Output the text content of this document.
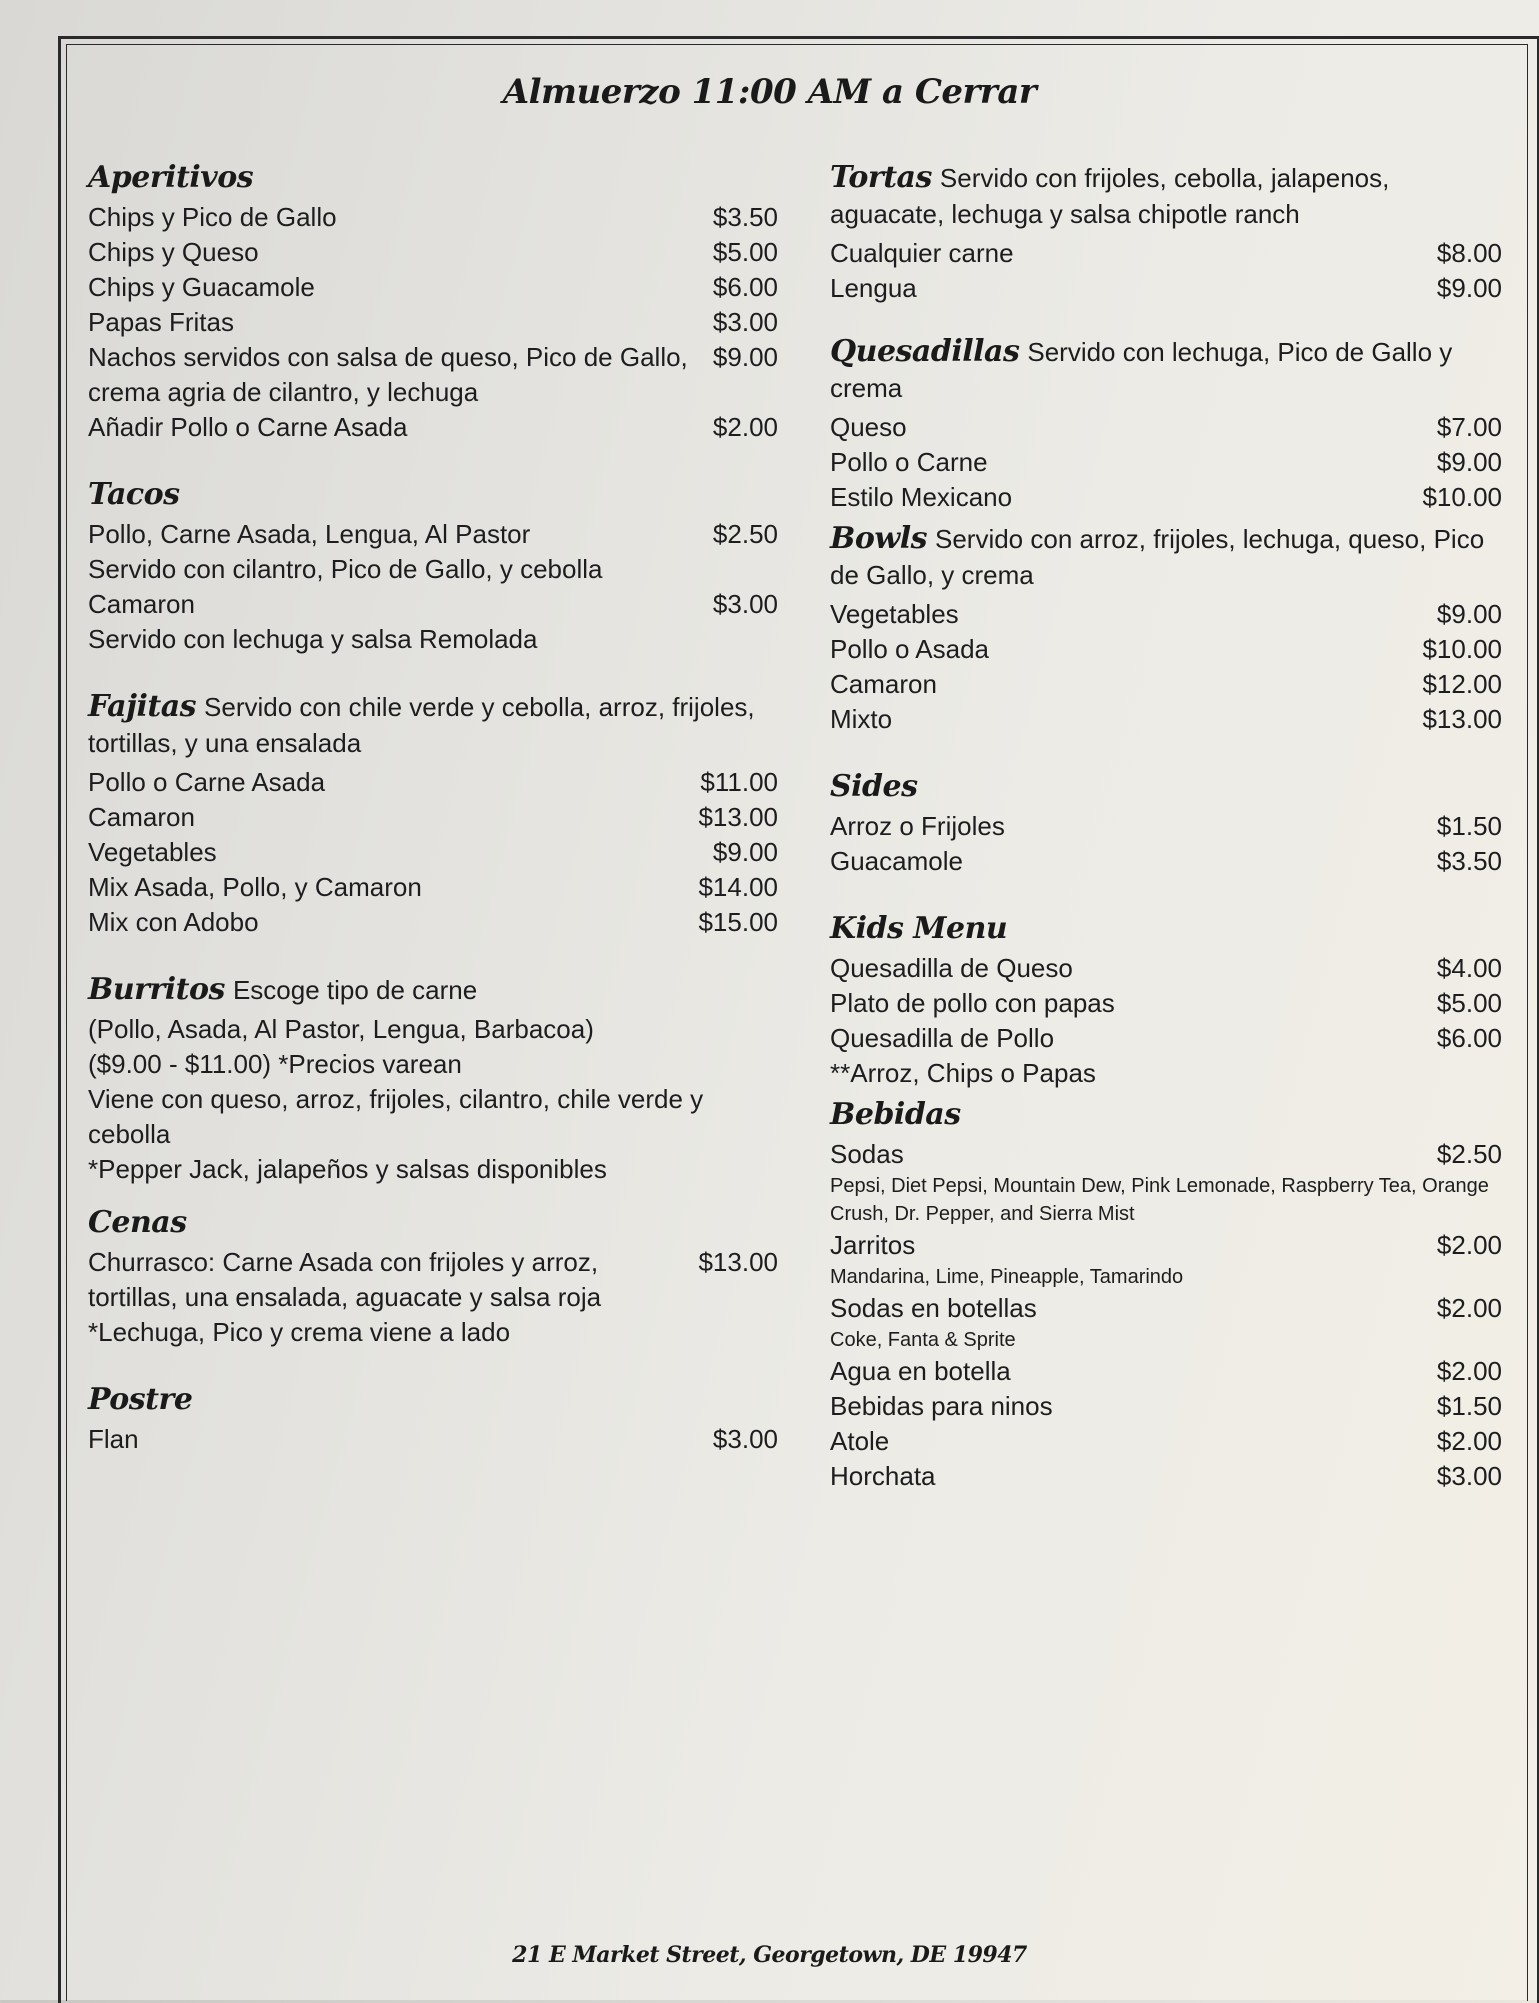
Almuerzo 11:00 AM a Cerrar
Aperitivos
Chips y Pico de Gallo	$3.50
Chips y Queso	$5.00
Chips y Guacamole	$6.00
Papas Fritas	$3.00
Nachos servidos con salsa de queso, Pico de Gallo, $9.00
crema agria de cilantro, y lechuga
Añadir Pollo o Carne Asada	$2.00
Tacos
Pollo, Carne Asada, Lengua, Al Pastor	$2.50
Servido con cilantro, Pico de Gallo, y cebolla
Camaron	$3.00
Servido con lechuga y salsa Remolada
Fajitas Servido con chile verde y cebolla, arroz, frijoles, tortillas, y una ensalada
Pollo o Carne Asada	$11.00
Camaron	$13.00
Vegetables	$9.00
Mix Asada, Pollo, y Camaron	$14.00
Mix con Adobo	$15.00
Burritos Escoge tipo de carne
(Pollo, Asada, Al Pastor, Lengua, Barbacoa)
($9.00 - $11.00) *Precios varean
Viene con queso, arroz, frijoles, cilantro, chile verde y cebolla
*Pepper Jack, jalapeños y salsas disponibles
Cenas
Churrasco: Carne Asada con frijoles y arroz,	$13.00
tortillas, una ensalada, aguacate y salsa roja
*Lechuga, Pico y crema viene a lado
Postre
Flan	$3.00
Tortas Servido con frijoles, cebolla, jalapenos, aguacate, lechuga y salsa chipotle ranch
Cualquier carne	$8.00
Lengua	$9.00
Quesadillas Servido con lechuga, Pico de Gallo y crema
Queso	$7.00
Pollo o Carne	$9.00
Estilo Mexicano	$10.00
Bowls Servido con arroz, frijoles, lechuga, queso, Pico de Gallo, y crema
Vegetables	$9.00
Pollo o Asada	$10.00
Camaron	$12.00
Mixto	$13.00
Sides
Arroz o Frijoles	$1.50
Guacamole	$3.50
Kids Menu
Quesadilla de Queso	$4.00
Plato de pollo con papas	$5.00
Quesadilla de Pollo	$6.00
**Arroz, Chips o Papas
Bebidas
Sodas	$2.50
Pepsi, Diet Pepsi, Mountain Dew, Pink Lemonade, Raspberry Tea, Orange Crush, Dr. Pepper, and Sierra Mist
Jarritos	$2.00
Mandarina, Lime, Pineapple, Tamarindo
Sodas en botellas	$2.00
Coke, Fanta & Sprite
Agua en botella	$2.00
Bebidas para ninos	$1.50
Atole	$2.00
Horchata	$3.00
21 E Market Street, Georgetown, DE 19947
